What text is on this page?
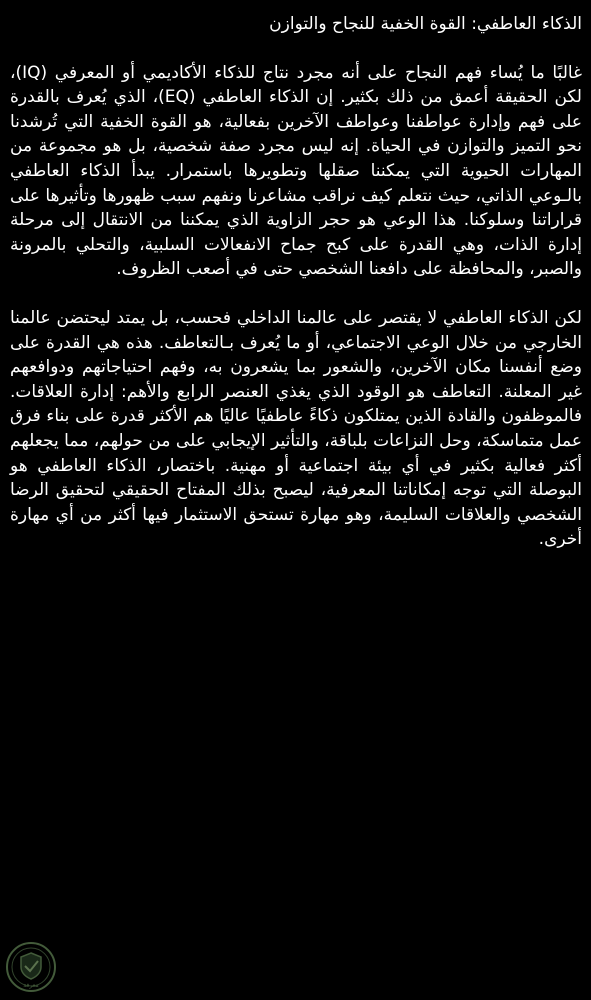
الذكاء العاطفي: القوة الخفية للنجاح والتوازن

غالبًا ما يُساء فهم النجاح على أنه مجرد نتاج للذكاء الأكاديمي أو المعرفي (IQ)، لكن الحقيقة أعمق من ذلك بكثير. إن الذكاء العاطفي (EQ)، الذي يُعرف بالقدرة على فهم وإدارة عواطفنا وعواطف الآخرين بفعالية، هو القوة الخفية التي تُرشدنا نحو التميز والتوازن في الحياة. إنه ليس مجرد صفة شخصية، بل هو مجموعة من المهارات الحيوية التي يمكننا صقلها وتطويرها باستمرار. يبدأ الذكاء العاطفي بالـوعي الذاتي، حيث نتعلم كيف نراقب مشاعرنا ونفهم سبب ظهورها وتأثيرها على قراراتنا وسلوكنا. هذا الوعي هو حجر الزاوية الذي يمكننا من الانتقال إلى مرحلة إدارة الذات، وهي القدرة على كبح جماح الانفعالات السلبية، والتحلي بالمرونة والصبر، والمحافظة على دافعنا الشخصي حتى في أصعب الظروف.

لكن الذكاء العاطفي لا يقتصر على عالمنا الداخلي فحسب، بل يمتد ليحتضن عالمنا الخارجي من خلال الوعي الاجتماعي، أو ما يُعرف بـالتعاطف. هذه هي القدرة على وضع أنفسنا مكان الآخرين، والشعور بما يشعرون به، وفهم احتياجاتهم ودوافعهم غير المعلنة. التعاطف هو الوقود الذي يغذي العنصر الرابع والأهم: إدارة العلاقات. فالموظفون والقادة الذين يمتلكون ذكاءً عاطفيًا عاليًا هم الأكثر قدرة على بناء فرق عمل متماسكة، وحل النزاعات بلباقة، والتأثير الإيجابي على من حولهم، مما يجعلهم أكثر فعالية بكثير في أي بيئة اجتماعية أو مهنية. باختصار، الذكاء العاطفي هو البوصلة التي توجه إمكاناتنا المعرفية، ليصبح بذلك المفتاح الحقيقي لتحقيق الرضا الشخصي والعلاقات السليمة، وهو مهارة تستحق الاستثمار فيها أكثر من أي مهارة أخرى.

معرفة
